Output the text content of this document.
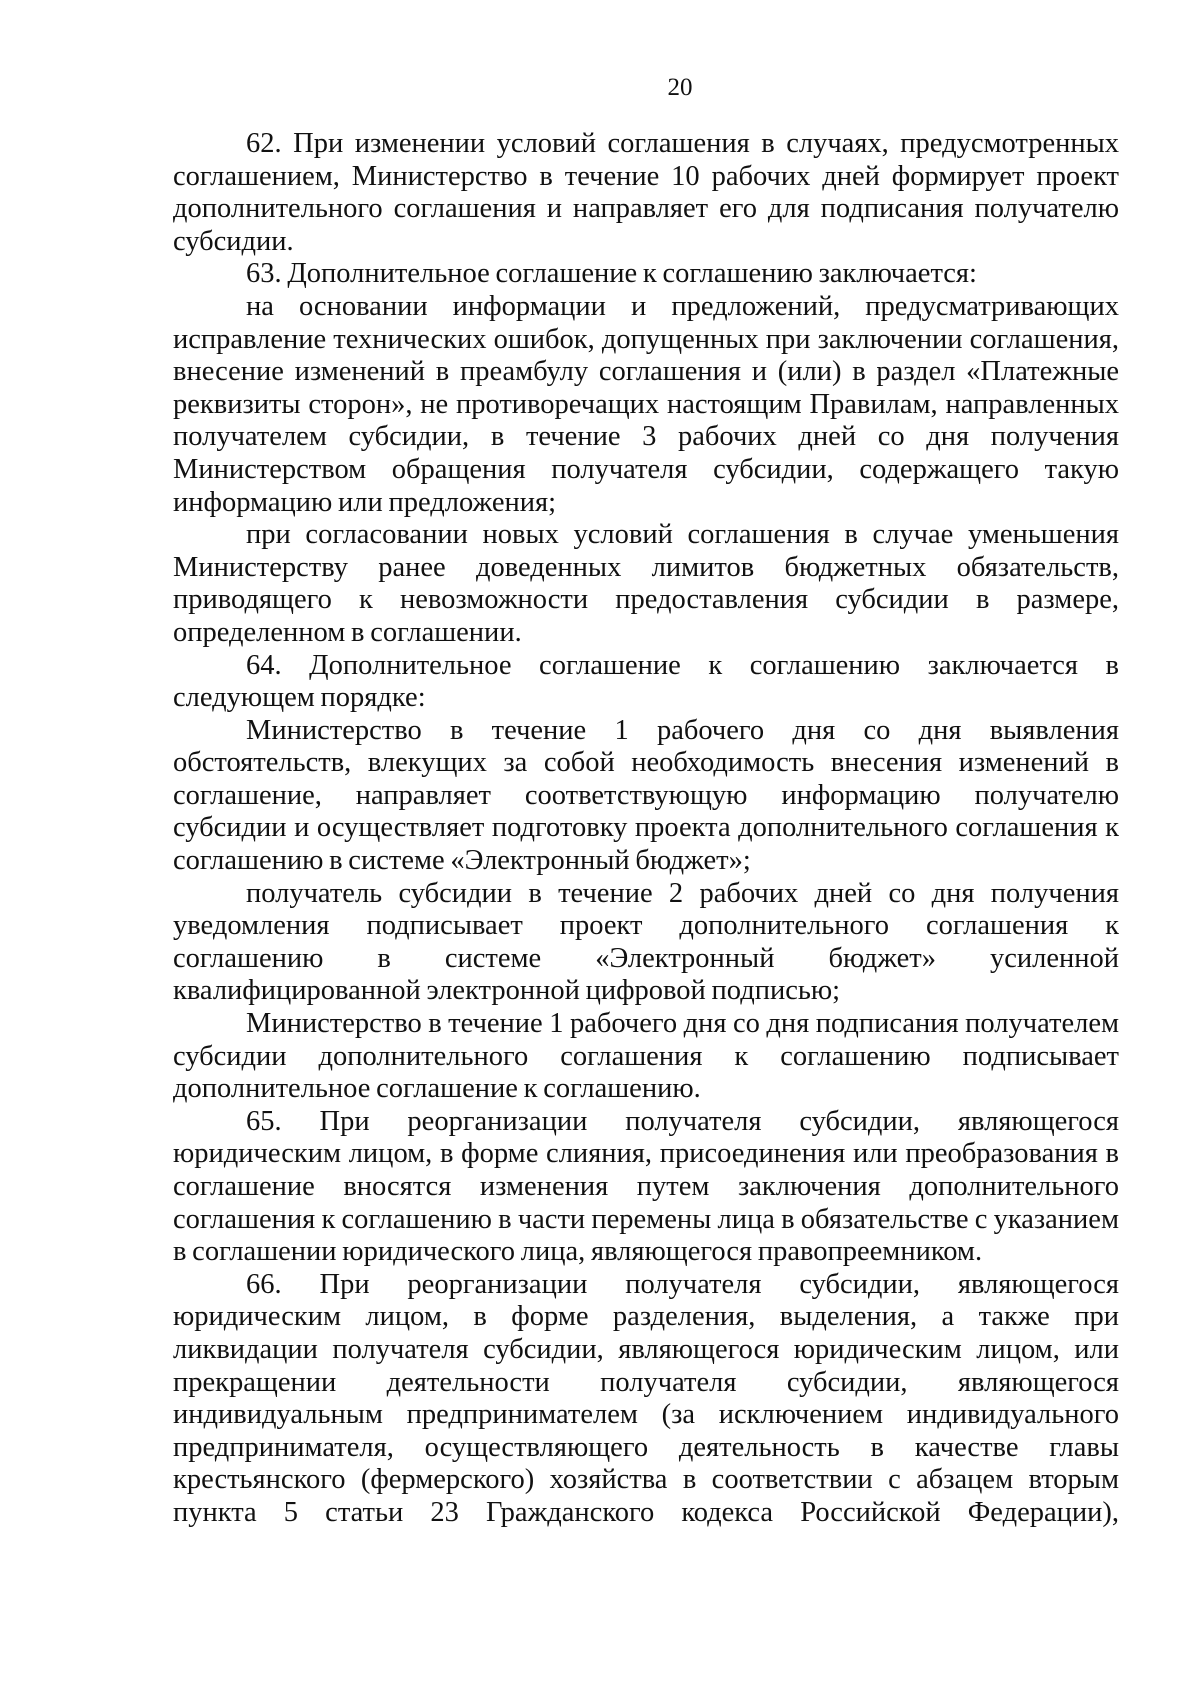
20

62. При изменении условий соглашения в случаях, предусмотренных соглашением, Министерство в течение 10 рабочих дней формирует проект дополнительного соглашения и направляет его для подписания получателю субсидии.

63. Дополнительное соглашение к соглашению заключается:

на основании информации и предложений, предусматривающих исправление технических ошибок, допущенных при заключении соглашения, внесение изменений в преамбулу соглашения и (или) в раздел «Платежные реквизиты сторон», не противоречащих настоящим Правилам, направленных получателем субсидии, в течение 3 рабочих дней со дня получения Министерством обращения получателя субсидии, содержащего такую информацию или предложения;

при согласовании новых условий соглашения в случае уменьшения Министерству ранее доведенных лимитов бюджетных обязательств, приводящего к невозможности предоставления субсидии в размере, определенном в соглашении.

64. Дополнительное соглашение к соглашению заключается в следующем порядке:

Министерство в течение 1 рабочего дня со дня выявления обстоятельств, влекущих за собой необходимость внесения изменений в соглашение, направляет соответствующую информацию получателю субсидии и осуществляет подготовку проекта дополнительного соглашения к соглашению в системе «Электронный бюджет»;

получатель субсидии в течение 2 рабочих дней со дня получения уведомления подписывает проект дополнительного соглашения к соглашению в системе «Электронный бюджет» усиленной квалифицированной электронной цифровой подписью;

Министерство в течение 1 рабочего дня со дня подписания получателем субсидии дополнительного соглашения к соглашению подписывает дополнительное соглашение к соглашению.

65. При реорганизации получателя субсидии, являющегося юридическим лицом, в форме слияния, присоединения или преобразования в соглашение вносятся изменения путем заключения дополнительного соглашения к соглашению в части перемены лица в обязательстве с указанием в соглашении юридического лица, являющегося правопреемником.

66. При реорганизации получателя субсидии, являющегося юридическим лицом, в форме разделения, выделения, а также при ликвидации получателя субсидии, являющегося юридическим лицом, или прекращении деятельности получателя субсидии, являющегося индивидуальным предпринимателем (за исключением индивидуального предпринимателя, осуществляющего деятельность в качестве главы крестьянского (фермерского) хозяйства в соответствии с абзацем вторым пункта 5 статьи 23 Гражданского кодекса Российской Федерации),
